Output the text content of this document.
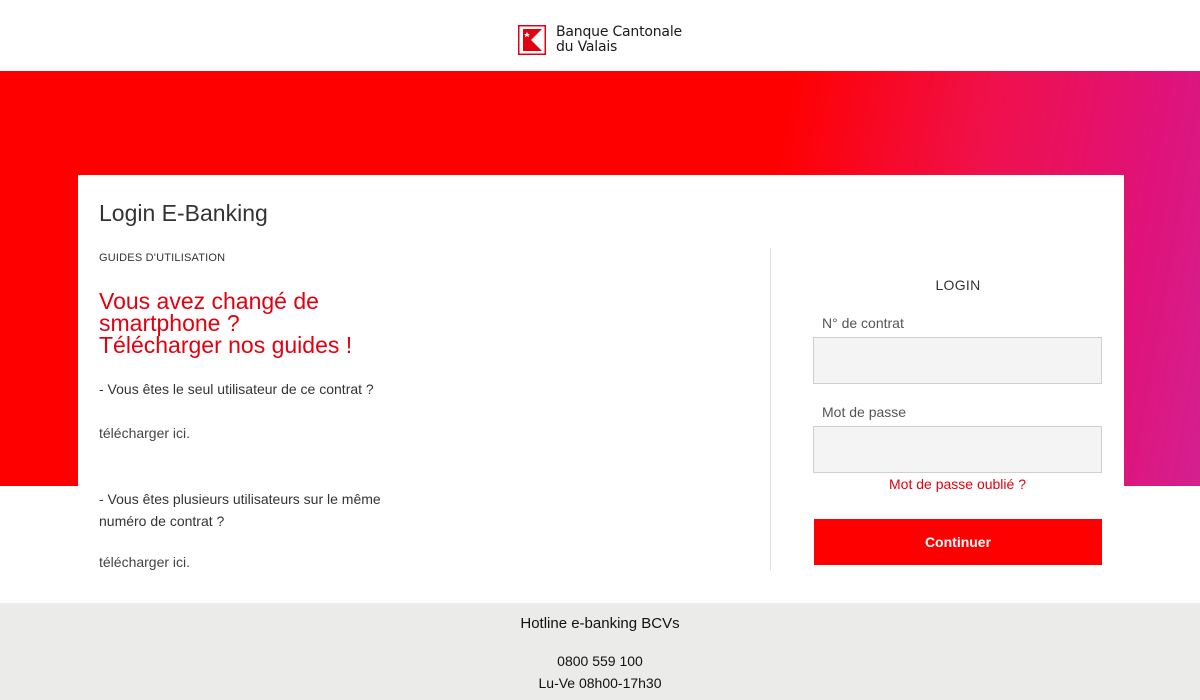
Banque Cantonale
du Valais
Hotline e-banking BCVs
0800 559 100
Lu-Ve 08h00-17h30
Login E-Banking
GUIDES D'UTILISATION
Vous avez changé de
smartphone ?
Télécharger nos guides !
- Vous êtes le seul utilisateur de ce contrat ?
télécharger ici.
- Vous êtes plusieurs utilisateurs sur le même
numéro de contrat ?
télécharger ici.
LOGIN
N° de contrat
Mot de passe
Mot de passe oublié ?
Continuer
